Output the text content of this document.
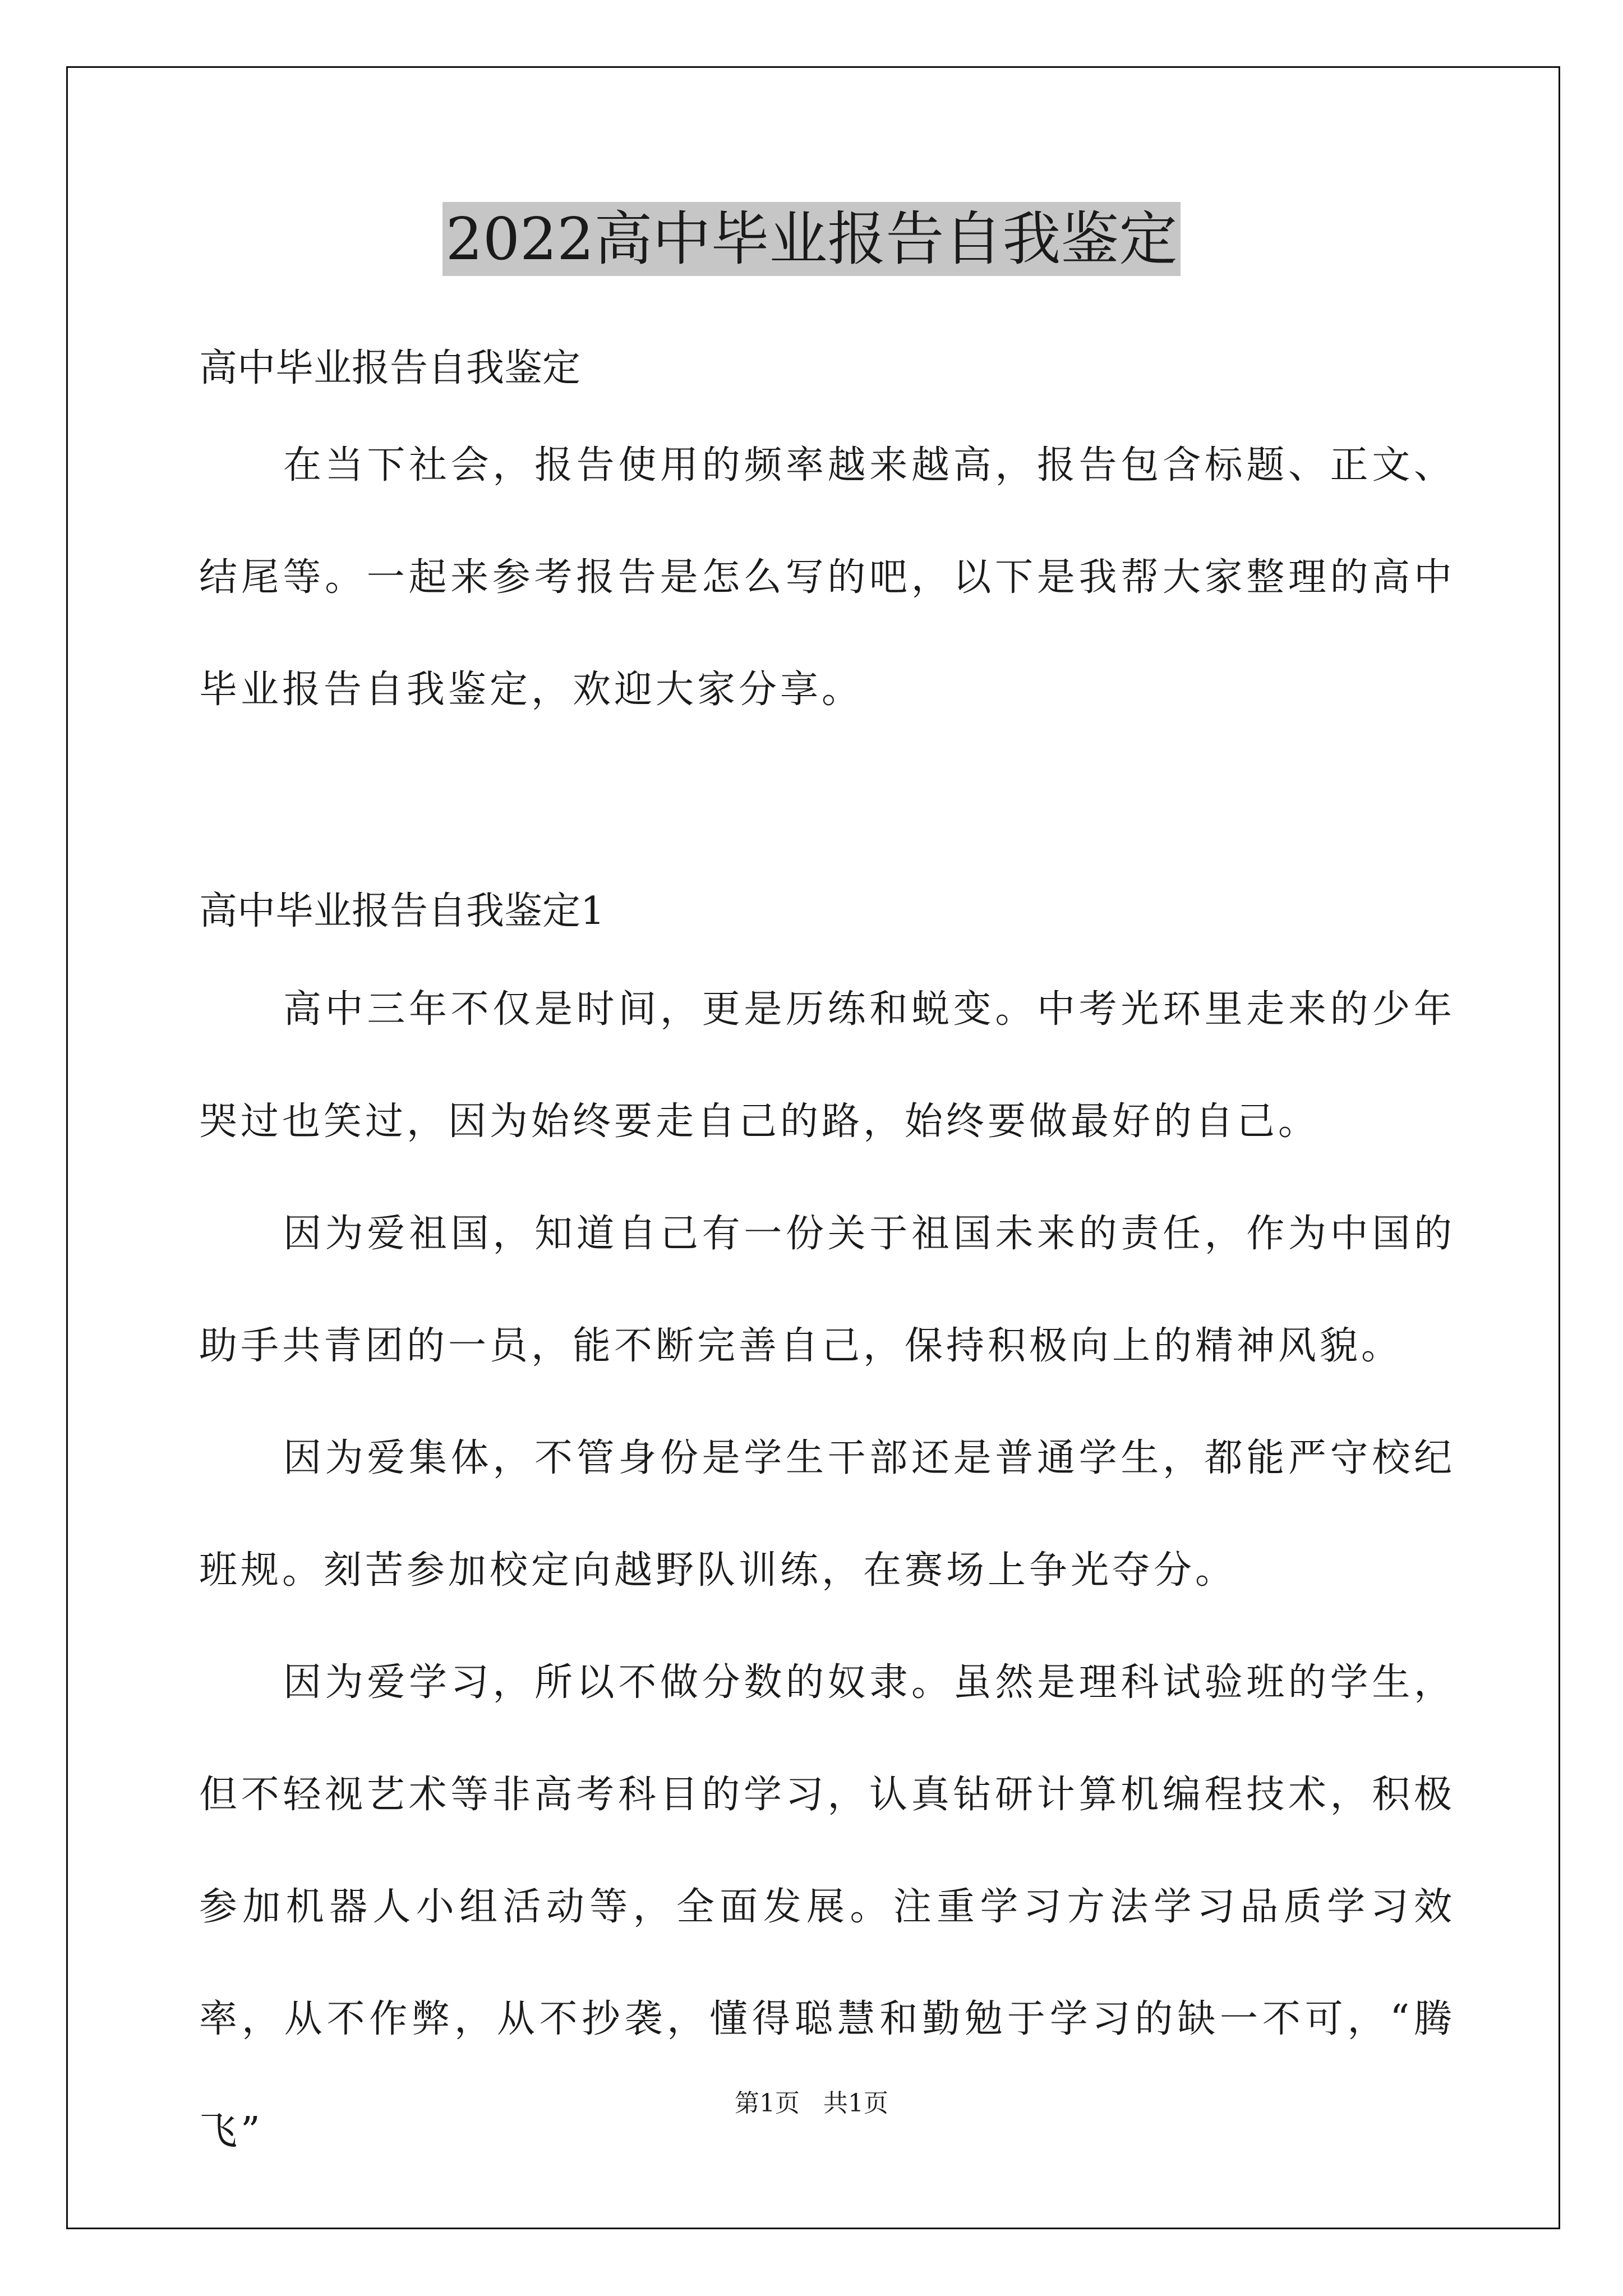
2022高中毕业报告自我鉴定
高中毕业报告自我鉴定

在当下社会，报告使用的频率越来越高，报告包含标题、正文、结尾等。一起来参考报告是怎么写的吧，以下是我帮大家整理的高中毕业报告自我鉴定，欢迎大家分享。

高中毕业报告自我鉴定1

高中三年不仅是时间，更是历练和蜕变。中考光环里走来的少年哭过也笑过，因为始终要走自己的路，始终要做最好的自己。

因为爱祖国，知道自己有一份关于祖国未来的责任，作为中国的助手共青团的一员，能不断完善自己，保持积极向上的精神风貌。

因为爱集体，不管身份是学生干部还是普通学生，都能严守校纪班规。刻苦参加校定向越野队训练，在赛场上争光夺分。

因为爱学习，所以不做分数的奴隶。虽然是理科试验班的学生，但不轻视艺术等非高考科目的学习，认真钻研计算机编程技术，积极参加机器人小组活动等，全面发展。注重学习方法学习品质学习效率，从不作弊，从不抄袭，懂得聪慧和勤勉于学习的缺一不可，“腾飞”

第1页   共1页
